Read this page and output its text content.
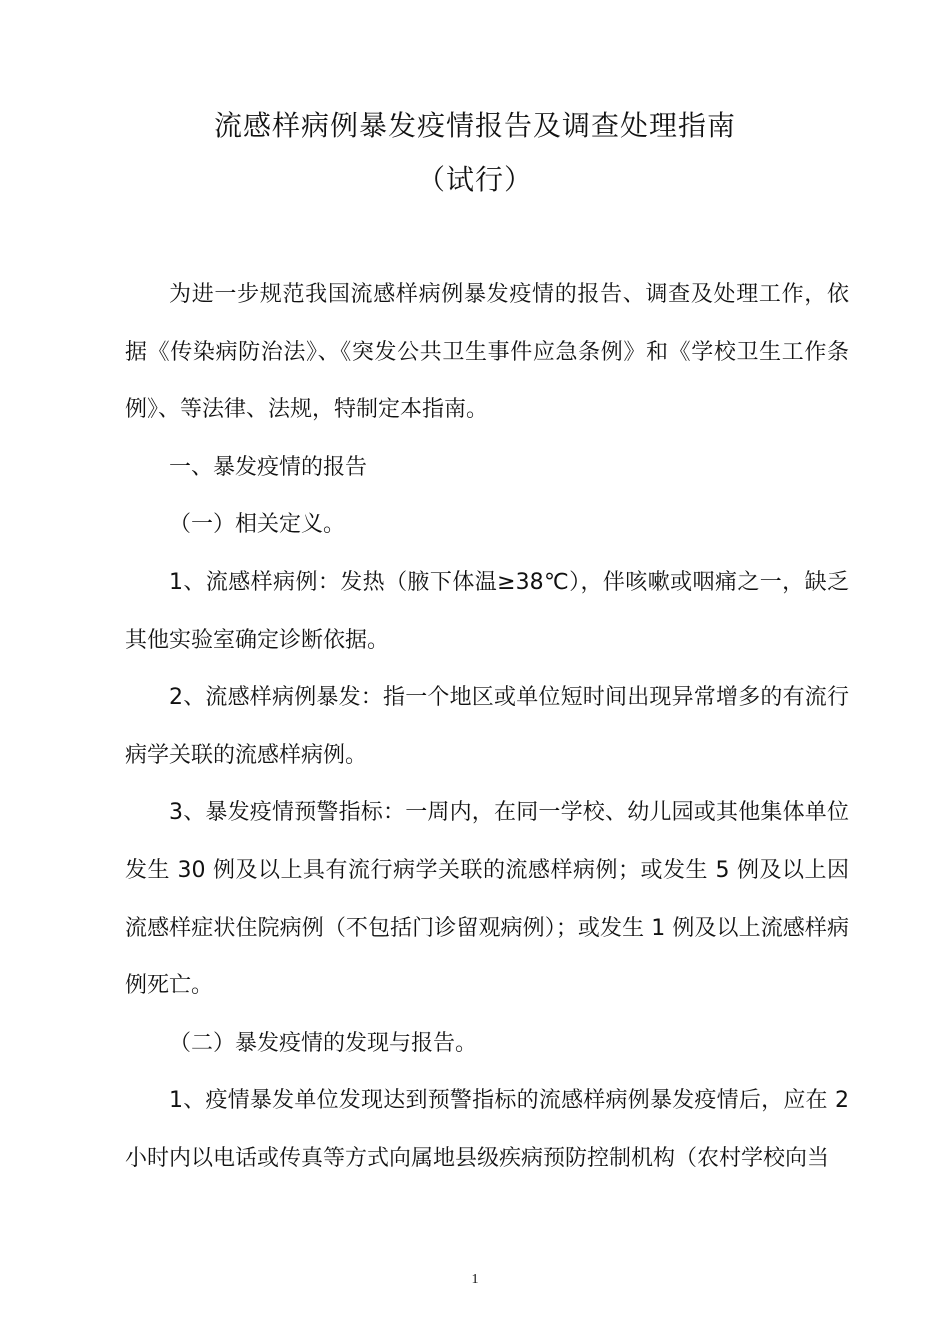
流感样病例暴发疫情报告及调查处理指南
（试行）

为进一步规范我国流感样病例暴发疫情的报告、调查及处理工作，依据《传染病防治法》、《突发公共卫生事件应急条例》和《学校卫生工作条例》、等法律、法规，特制定本指南。

一、暴发疫情的报告

（一）相关定义。

1、流感样病例：发热（腋下体温≥38℃），伴咳嗽或咽痛之一，缺乏其他实验室确定诊断依据。

2、流感样病例暴发：指一个地区或单位短时间出现异常增多的有流行病学关联的流感样病例。

3、暴发疫情预警指标：一周内，在同一学校、幼儿园或其他集体单位发生 30 例及以上具有流行病学关联的流感样病例；或发生 5 例及以上因流感样症状住院病例（不包括门诊留观病例）；或发生 1 例及以上流感样病例死亡。

（二）暴发疫情的发现与报告。

1、疫情暴发单位发现达到预警指标的流感样病例暴发疫情后，应在 2 小时内以电话或传真等方式向属地县级疾病预防控制机构（农村学校向当

1
